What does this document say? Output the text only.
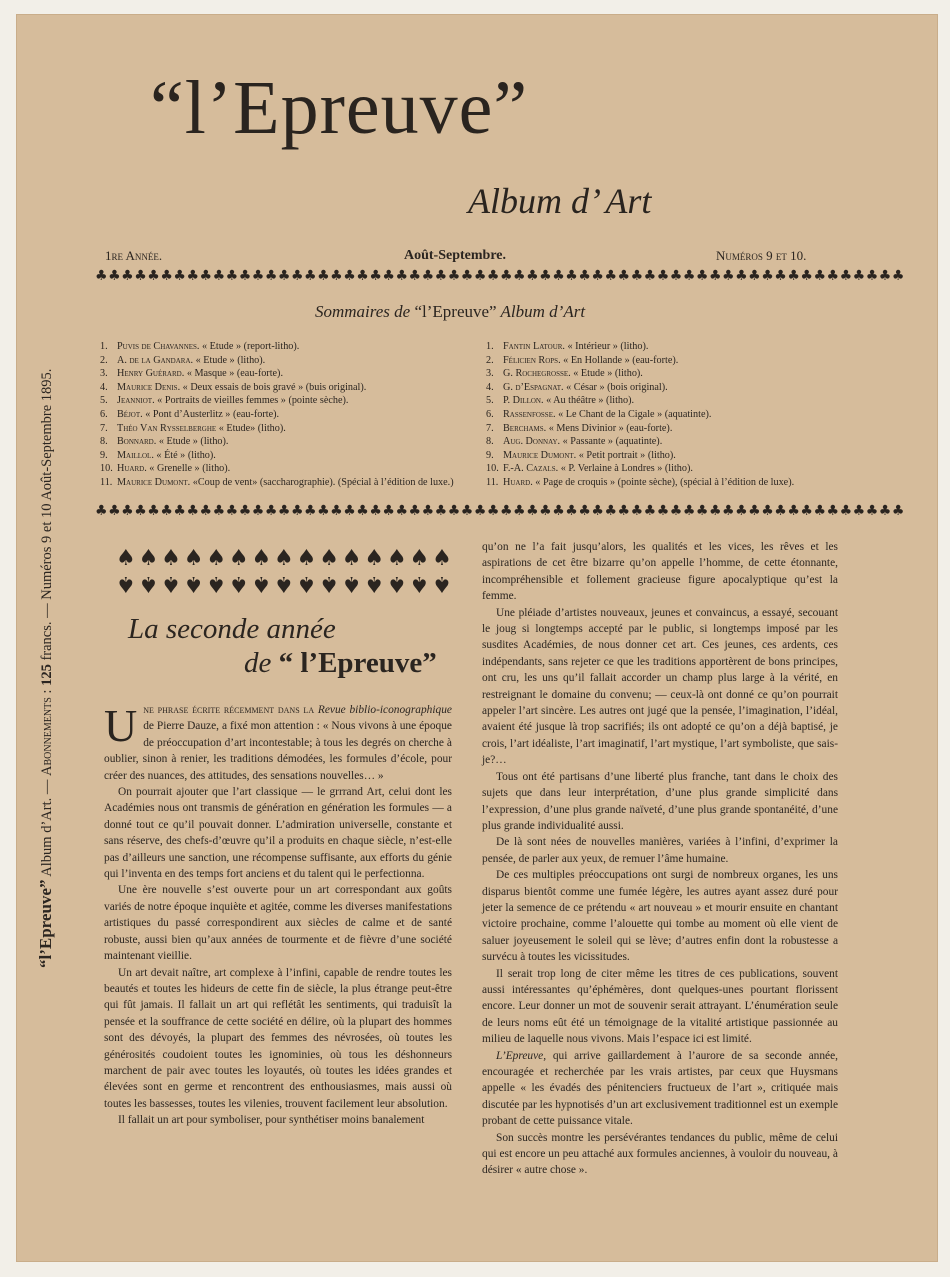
“l’Epreuve”
Album d’ Art
1re Année.	Août-Septembre.	Numéros 9 et 10.
♣♣♣♣♣♣♣♣♣♣♣♣♣♣♣♣♣♣♣♣♣♣♣♣♣♣♣♣♣♣♣♣♣♣♣♣♣♣♣♣♣♣♣♣♣♣♣♣♣♣♣♣♣♣♣♣♣♣♣♣♣♣
Sommaires de “l’Epreuve” Album d’Art
1. Puvis de Chavannes. « Etude » (report-litho).
2. A. de la Gandara. « Etude » (litho).
3. Henry Guérard. « Masque » (eau-forte).
4. Maurice Denis. « Deux essais de bois gravé » (buis original).
5. Jeanniot. « Portraits de vieilles femmes » (pointe sèche).
6. Béjot. « Pont d’Austerlitz » (eau-forte).
7. Théo Van Rysselberghe « Etude» (litho).
8. Bonnard. « Etude » (litho).
9. Maillol. « Été » (litho).
10. Huard. « Grenelle » (litho).
11. Maurice Dumont. «Coup de vent» (saccharographie). (Spécial à l’édition de luxe.)
1. Fantin Latour. « Intérieur » (litho).
2. Félicien Rops. « En Hollande » (eau-forte).
3. G. Rochegrosse. « Etude » (litho).
4. G. d’Espagnat. « César » (bois original).
5. P. Dillon. « Au théâtre » (litho).
6. Rassenfosse. « Le Chant de la Cigale » (aquatinte).
7. Berchams. « Mens Divinior » (eau-forte).
8. Aug. Donnay. « Passante » (aquatinte).
9. Maurice Dumont. « Petit portrait » (litho).
10. F.-A. Cazals. « P. Verlaine à Londres » (litho).
11. Huard. « Page de croquis » (pointe sèche), (spécial à l’édition de luxe).
♣♣♣♣♣♣♣♣♣♣♣♣♣♣♣♣♣♣♣♣♣♣♣♣♣♣♣♣♣♣♣♣♣♣♣♣♣♣♣♣♣♣♣♣♣♣♣♣♣♣♣♣♣♣♣♣♣♣♣♣♣♣
“l’Epreuve” Album d’Art. — Abonnements : 125 francs. — Numéros 9 et 10 Août-Septembre 1895.	♠ ♠ ♠ ♠ ♠ ♠ ♠ ♠ ♠ ♠ ♠ ♠ ♠ ♠ ♠
♠ ♠ ♠ ♠ ♠ ♠ ♠ ♠ ♠ ♠ ♠ ♠ ♠ ♠ ♠
La seconde année
de “ l’Epreuve”

Une phrase écrite récemment dans la Revue biblio-iconographique de Pierre Dauze, a fixé mon attention : « Nous vivons à une époque de préoccupation d’art incontestable; à tous les degrés on cherche à oublier, sinon à renier, les traditions démodées, les formules d’école, pour créer des nuances, des attitudes, des sensations nouvelles… »

On pourrait ajouter que l’art classique — le grrrand Art, celui dont les Académies nous ont transmis de génération en génération les formules — a donné tout ce qu’il pouvait donner. L’admiration universelle, constante et sans réserve, des chefs-d’œuvre qu’il a produits en chaque siècle, n’est-elle pas d’ailleurs une sanction, une récompense suffisante, aux efforts du génie qui l’inventa en des temps fort anciens et du talent qui le perfectionna.

Une ère nouvelle s’est ouverte pour un art correspondant aux goûts variés de notre époque inquiète et agitée, comme les diverses manifestations artistiques du passé correspondirent aux siècles de calme et de santé robuste, aussi bien qu’aux années de tourmente et de fièvre d’une société maintenant vieillie.

Un art devait naître, art complexe à l’infini, capable de rendre toutes les beautés et toutes les hideurs de cette fin de siècle, la plus étrange peut-être qui fût jamais. Il fallait un art qui reflétât les sentiments, qui traduisît la pensée et la souffrance de cette société en délire, où la plupart des hommes sont des dévoyés, la plupart des femmes des névrosées, où toutes les générosités coudoient toutes les ignominies, où tous les déshonneurs marchent de pair avec toutes les loyautés, où toutes les idées grandes et élevées sont en germe et rencontrent des enthousiasmes, mais aussi où toutes les bassesses, toutes les vilenies, trouvent facilement leur absolution.

Il fallait un art pour symboliser, pour synthétiser moins banalement

qu’on ne l’a fait jusqu’alors, les qualités et les vices, les rêves et les aspirations de cet être bizarre qu’on appelle l’homme, de cette étonnante, incompréhensible et follement gracieuse figure apocalyptique qu’est la femme.

Une pléiade d’artistes nouveaux, jeunes et convaincus, a essayé, secouant le joug si longtemps accepté par le public, si longtemps imposé par les susdites Académies, de nous donner cet art. Ces jeunes, ces ardents, ces indépendants, sans rejeter ce que les traditions apportèrent de bons principes, ont cru, les uns qu’il fallait accorder un champ plus large à la vérité, en restreignant le domaine du convenu; — ceux-là ont donné ce qu’on pourrait appeler l’art sincère. Les autres ont jugé que la pensée, l’imagination, l’idéal, avaient été jusque là trop sacrifiés; ils ont adopté ce qu’on a déjà baptisé, je crois, l’art idéaliste, l’art imaginatif, l’art mystique, l’art symboliste, que sais-je?…

Tous ont été partisans d’une liberté plus franche, tant dans le choix des sujets que dans leur interprétation, d’une plus grande simplicité dans l’expression, d’une plus grande naïveté, d’une plus grande spontanéité, d’une plus grande individualité aussi.

De là sont nées de nouvelles manières, variées à l’infini, d’exprimer la pensée, de parler aux yeux, de remuer l’âme humaine.

De ces multiples préoccupations ont surgi de nombreux organes, les uns disparus bientôt comme une fumée légère, les autres ayant assez duré pour jeter la semence de ce prétendu « art nouveau » et mourir ensuite en chantant victoire prochaine, comme l’alouette qui tombe au moment où elle vient de saluer joyeusement le soleil qui se lève; d’autres enfin dont la robustesse a survécu à toutes les vicissitudes.

Il serait trop long de citer même les titres de ces publications, souvent aussi intéressantes qu’éphémères, dont quelques-unes pourtant florissent encore. Leur donner un mot de souvenir serait attrayant. L’énumération seule de leurs noms eût été un témoignage de la vitalité artistique passionnée au milieu de laquelle nous vivons. Mais l’espace ici est limité.

L’Epreuve, qui arrive gaillardement à l’aurore de sa seconde année, encouragée et recherchée par les vrais artistes, par ceux que Huysmans appelle « les évadés des pénitenciers fructueux de l’art », critiquée mais discutée par les hypnotisés d’un art exclusivement traditionnel est un exemple probant de cette puissance vitale.

Son succès montre les persévérantes tendances du public, même de celui qui est encore un peu attaché aux formules anciennes, à vouloir du nouveau, à désirer « autre chose ».
